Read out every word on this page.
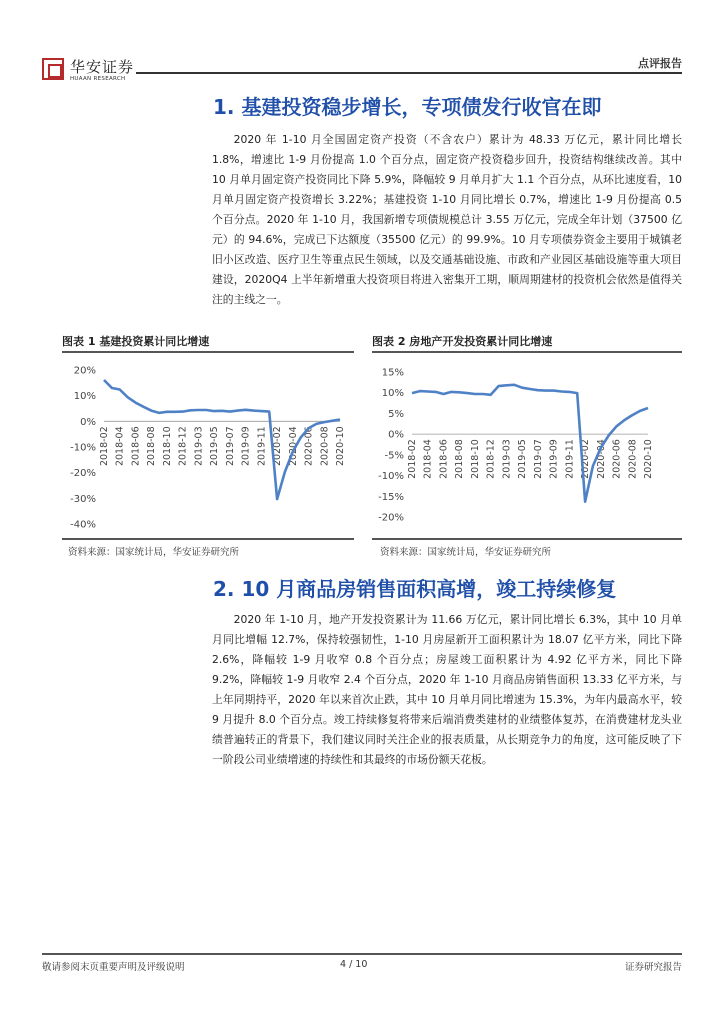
华安证券
HUAAN RESEARCH
点评报告
1. 基建投资稳步增长，专项债发行收官在即

2020 年 1-10 月全国固定资产投资（不含农户）累计为 48.33 万亿元，累计同比增长 1.8%，增速比 1-9 月份提高 1.0 个百分点，固定资产投资稳步回升，投资结构继续改善。其中 10 月单月固定资产投资同比下降 5.9%，降幅较 9 月单月扩大 1.1 个百分点，从环比速度看，10 月单月固定资产投资增长 3.22%；基建投资 1-10 月同比增长 0.7%，增速比 1-9 月份提高 0.5 个百分点。2020 年 1-10 月，我国新增专项债规模总计 3.55 万亿元，完成全年计划（37500 亿元）的 94.6%，完成已下达额度（35500 亿元）的 99.9%。10 月专项债券资金主要用于城镇老旧小区改造、医疗卫生等重点民生领域，以及交通基础设施、市政和产业园区基础设施等重大项目建设，2020Q4 上半年新增重大投资项目将进入密集开工期，顺周期建材的投资机会依然是值得关注的主线之一。

图表 1 基建投资累计同比增速	图表 2 房地产开发投资累计同比增速
20%
10%
0%
-10%
-20%
-30%
-40%
2018-02 2018-04 2018-06 2018-08 2018-10 2018-12 2019-03 2019-05 2019-07 2019-09 2019-11 2020-02 2020-04 2020-06 2020-08 2020-10
15%
10%
5%
0%
-5%
-10%
-15%
-20%
2018-02 2018-04 2018-06 2018-08 2018-10 2018-12 2019-03 2019-05 2019-07 2019-09 2019-11 2020-02 2020-04 2020-06 2020-08 2020-10
资料来源：国家统计局，华安证券研究所	资料来源：国家统计局，华安证券研究所
2. 10 月商品房销售面积高增，竣工持续修复

2020 年 1-10 月，地产开发投资累计为 11.66 万亿元，累计同比增长 6.3%，其中 10 月单月同比增幅 12.7%，保持较强韧性，1-10 月房屋新开工面积累计为 18.07 亿平方米，同比下降 2.6%，降幅较 1-9 月收窄 0.8 个百分点；房屋竣工面积累计为 4.92 亿平方米，同比下降 9.2%，降幅较 1-9 月收窄 2.4 个百分点，2020 年 1-10 月商品房销售面积 13.33 亿平方米，与上年同期持平，2020 年以来首次止跌，其中 10 月单月同比增速为 15.3%，为年内最高水平，较 9 月提升 8.0 个百分点。竣工持续修复将带来后端消费类建材的业绩整体复苏，在消费建材龙头业绩普遍转正的背景下，我们建议同时关注企业的报表质量，从长期竞争力的角度，这可能反映了下一阶段公司业绩增速的持续性和其最终的市场份额天花板。

敬请参阅末页重要声明及评级说明	4 / 10	证券研究报告
